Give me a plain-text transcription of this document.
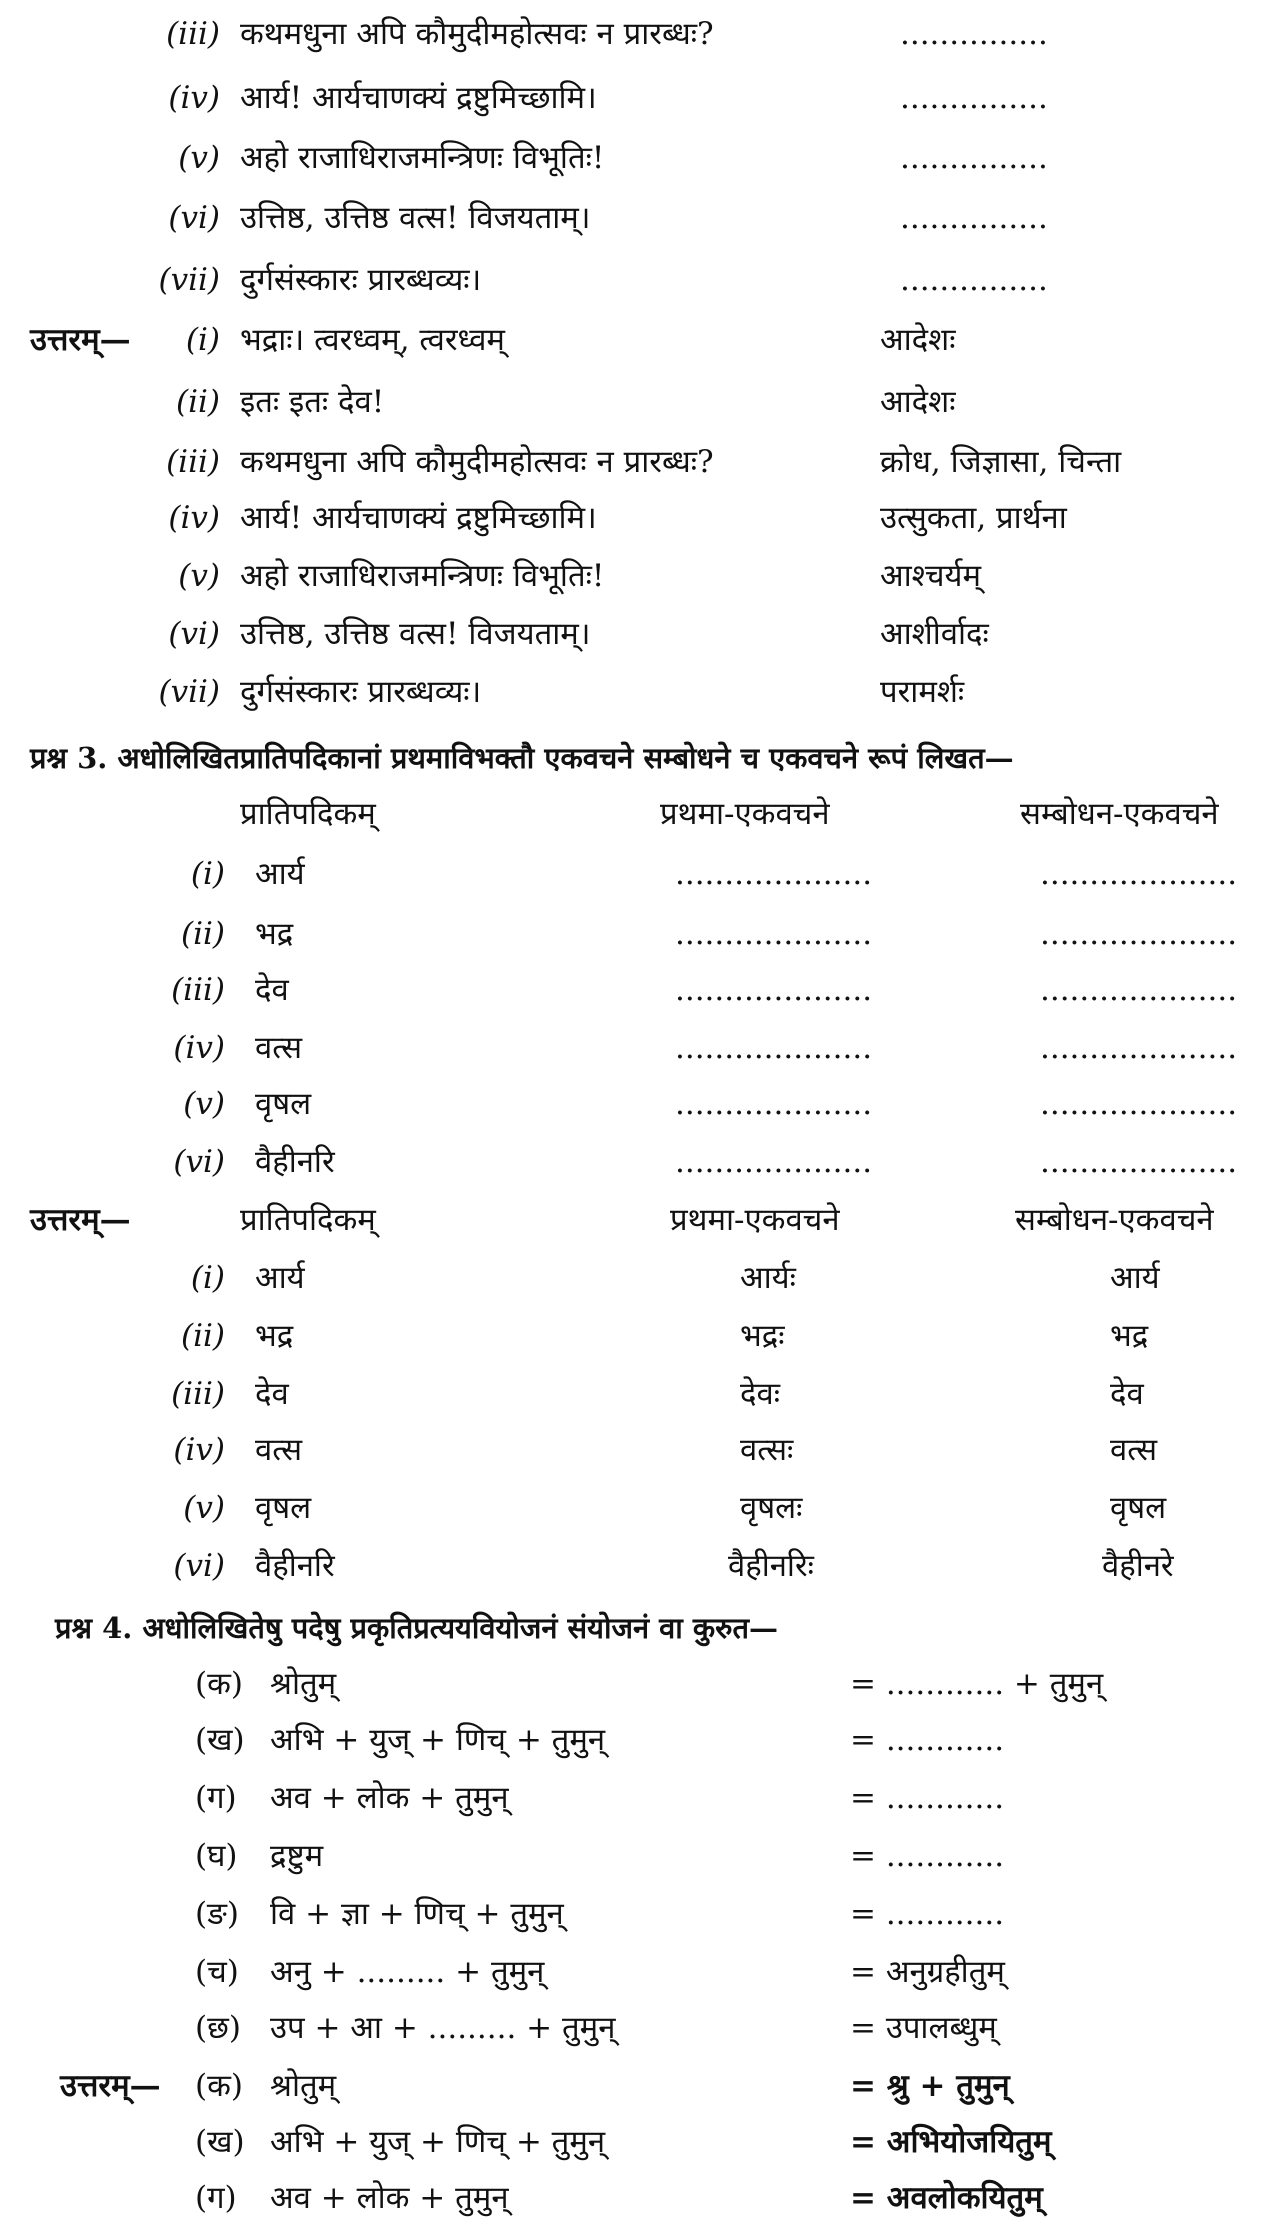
(iii) कथमधुना अपि कौमुदीमहोत्सवः न प्रारब्धः?	...............
(iv) आर्य! आर्यचाणक्यं द्रष्टुमिच्छामि।	...............
(v) अहो राजाधिराजमन्त्रिणः विभूतिः!	...............
(vi) उत्तिष्ठ, उत्तिष्ठ वत्स! विजयताम्।	...............
(vii) दुर्गसंस्कारः प्रारब्धव्यः।	...............
उत्तरम्—	(i) भद्राः। त्वरध्वम्, त्वरध्वम्	आदेशः
(ii) इतः इतः देव!	आदेशः
(iii) कथमधुना अपि कौमुदीमहोत्सवः न प्रारब्धः?	क्रोध, जिज्ञासा, चिन्ता
(iv) आर्य! आर्यचाणक्यं द्रष्टुमिच्छामि।	उत्सुकता, प्रार्थना
(v) अहो राजाधिराजमन्त्रिणः विभूतिः!	आश्चर्यम्
(vi) उत्तिष्ठ, उत्तिष्ठ वत्स! विजयताम्।	आशीर्वादः
(vii) दुर्गसंस्कारः प्रारब्धव्यः।	परामर्शः
प्रश्न 3. अधोलिखितप्रातिपदिकानां प्रथमाविभक्तौ एकवचने सम्बोधने च एकवचने रूपं लिखत—
प्रातिपदिकम्	प्रथमा-एकवचने	सम्बोधन-एकवचने
(i) आर्य	....................	....................
(ii) भद्र	....................	....................
(iii) देव	....................	....................
(iv) वत्स	....................	....................
(v) वृषल	....................	....................
(vi) वैहीनरि	....................	....................
उत्तरम्—	प्रातिपदिकम्	प्रथमा-एकवचने	सम्बोधन-एकवचने
(i) आर्य	आर्यः	आर्य
(ii) भद्र	भद्रः	भद्र
(iii) देव	देवः	देव
(iv) वत्स	वत्सः	वत्स
(v) वृषल	वृषलः	वृषल
(vi) वैहीनरि	वैहीनरिः	वैहीनरे
प्रश्न 4. अधोलिखितेषु पदेषु प्रकृतिप्रत्ययवियोजनं संयोजनं वा कुरुत—
(क) श्रोतुम्	= ............ + तुमुन्
(ख) अभि + युज् + णिच् + तुमुन्	= ............
(ग) अव + लोक + तुमुन्	= ............
(घ) द्रष्टुम	= ............
(ङ) वि + ज्ञा + णिच् + तुमुन्	= ............
(च) अनु + ......... + तुमुन्	= अनुग्रहीतुम्
(छ) उप + आ + ......... + तुमुन्	= उपालब्धुम्
उत्तरम्— (क) श्रोतुम्	= श्रु + तुमुन्
(ख) अभि + युज् + णिच् + तुमुन्	= अभियोजयितुम्
(ग) अव + लोक + तुमुन्	= अवलोकयितुम्
